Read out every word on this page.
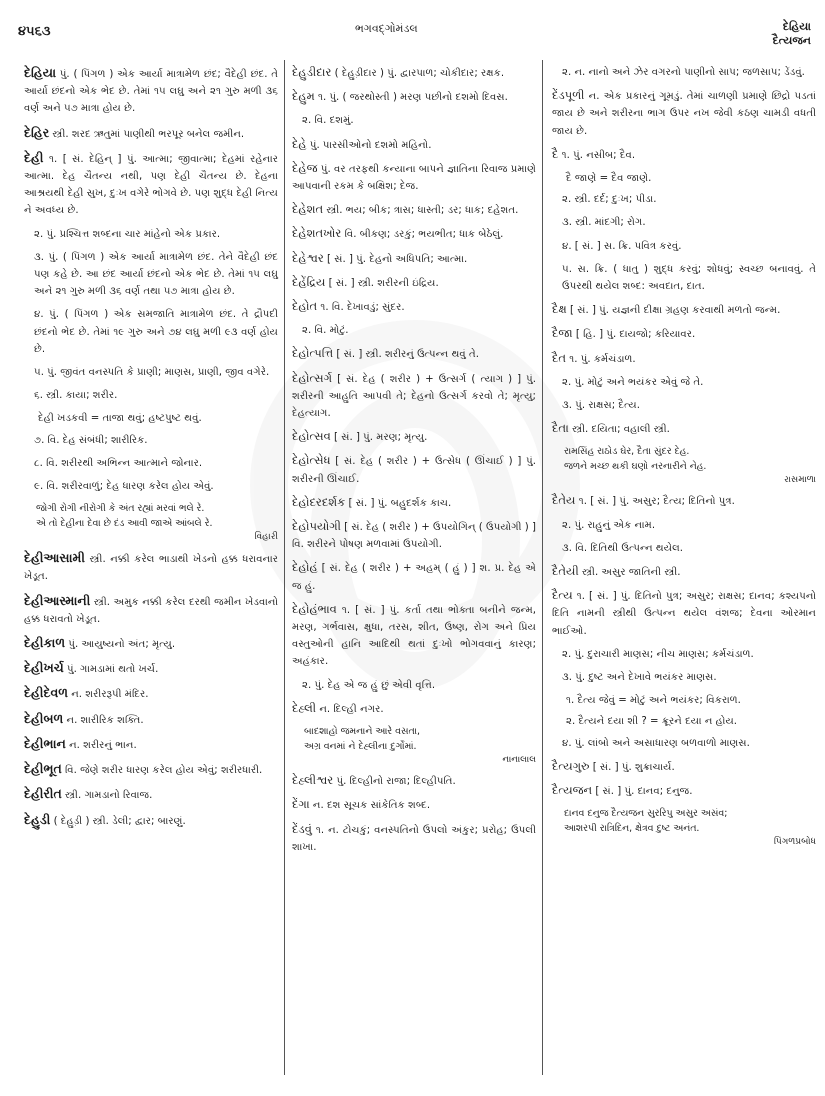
૪૫૬૩	ભગવદ્ગોમંડલ	દેહિયા
દૈત્યજન
દેહિયા પું. ( પિંગળ ) એક આર્યા માત્રામેળ છંદ; વૈદેહી છંદ. તે આર્યા છંદનો એક ભેદ છે. તેમાં ૧૫ લઘુ અને ૨૧ ગુરુ મળી ૩૬ વર્ણ અને ૫૭ માત્રા હોય છે.
દેહિર સ્ત્રી. શરદ ઋતુમાં પાણીથી ભરપૂર બનેલ જમીન.
દેહી ૧. [ સં. દેહિન્ ] પું. આત્મા; જીવાત્મા; દેહમાં રહેનાર આત્મા. દેહ ચૈતન્ય નથી, પણ દેહી ચૈતન્ય છે. દેહના આશ્રયથી દેહી સુખ, દુઃખ વગેરે ભોગવે છે. પણ શુદ્ધ દેહી નિત્ય ને અવધ્ય છે.
૨. પું. પ્રશ્ચિત્ત શબ્દના ચાર માંહેનો એક પ્રકાર.
૩. પું. ( પિંગળ ) એક આર્યા માત્રામેળ છંદ. તેને વૈદેહી છંદ પણ કહે છે. આ છંદ આર્યા છંદનો એક ભેદ છે. તેમાં ૧૫ લઘુ અને ૨૧ ગુરુ મળી ૩૬ વર્ણ તથા ૫૭ માત્રા હોય છે.
૪. પું. ( પિંગળ ) એક સમજાતિ માત્રામેળ છંદ. તે દ્રૌપદી છંદનો ભેદ છે. તેમાં ૧૯ ગુરુ અને ૭૪ લઘુ મળી ૯૩ વર્ણ હોય છે.
૫. પું. જીવંત વનસ્પતિ કે પ્રાણી; માણસ, પ્રાણી, જીવ વગેરે.
૬. સ્ત્રી. કાયા; શરીર.
દેહી ખડકવી = તાજા થવું; હષ્ટપુષ્ટ થવું.
૭. વિ. દેહ સંબંધી; શારીરિક.
૮. વિ. શરીરથી અભિન્ન આત્માને જોનાર.
૯. વિ. શરીરવાળું; દેહ ધારણ કરેલ હોય એવું.
જોગી રોગી નીરોગી કે અંત રહ્યાં મરવાં ભલે રે.
એ તો દેહીના દેવા છે દંડ આવી જાએ આંબલે રે.
વિહારી
દેહીઆસામી સ્ત્રી. નક્કી કરેલ ભાડાથી ખેડનો હક્ક ધરાવનાર ખેડૂત.
દેહીઆસ્માની સ્ત્રી. અમુક નક્કી કરેલ દરથી જમીન ખેડવાનો હક્ક ધરાવતો ખેડૂત.
દેહીકાળ પું. આયુષ્યનો અંત; મૃત્યુ.
દેહીખર્ચ પું. ગામડામાં થતો ખર્ચ.
દેહીદેવળ ન. શરીરરૂપી મંદિર.
દેહીબળ ન. શારીરિક શક્તિ.
દેહીભાન ન. શરીરનું ભાન.
દેહીભૂત વિ. જેણે શરીર ધારણ કરેલ હોય એવું; શરીરધારી.
દેહીરીત સ્ત્રી. ગામડાનો રિવાજ.
દેહુડી ( દેહુડ઼ી ) સ્ત્રી. ડેલી; દ્વાર; બારણું.
દેહુડીદાર ( દેહુડ઼ીદાર ) પું. દ્વારપાળ; ચોકીદાર; રક્ષક.
દેહુમ ૧. પું. ( જરથોસ્તી ) મરણ પછીનો દશમો દિવસ.
૨. વિ. દશમું.
દેહે પું. પારસીઓનો દશમો મહિનો.
દેહેજ પું. વર તરફથી કન્યાના બાપને જ્ઞાતિના રિવાજ પ્રમાણે આપવાની રકમ કે બક્ષિશ; દેજ.
દેહેશત સ્ત્રી. ભય; બીક; ત્રાસ; ધાસ્તી; ડર; ધાક; દહેશત.
દેહેશતખોર વિ. બીકણ; ડરકું; ભયભીત; ધાક બેઠેલું.
દેહેશ્વર [ સં. ] પું. દેહનો અધિપતિ; આત્મા.
દેહેંદ્રિય [ સં. ] સ્ત્રી. શરીરની ઇંદ્રિય.
દેહોત ૧. વિ. દેખાવડું; સુંદર.
૨. વિ. મોટું.
દેહોત્પત્તિ [ સં. ] સ્ત્રી. શરીરનું ઉત્પન્ન થવું તે.
દેહોત્સર્ગ [ સં. દેહ ( શરીર ) + ઉત્સર્ગ ( ત્યાગ ) ] પું. શરીરની આહુતિ આપવી તે; દેહનો ઉત્સર્ગ કરવો તે; મૃત્યુ; દેહત્યાગ.
દેહોત્સવ [ સં. ] પું. મરણ; મૃત્યુ.
દેહોત્સેધ [ સં. દેહ ( શરીર ) + ઉત્સેધ ( ઊંચાઈ ) ] પું. શરીરની ઊંચાઈ.
દેહોદરદર્શક [ સં. ] પું. બહુદર્શક કાચ.
દેહોપયોગી [ સં. દેહ ( શરીર ) + ઉપયોગિન્ ( ઉપયોગી ) ] વિ. શરીરને પોષણ મળવામાં ઉપયોગી.
દેહોહં [ સં. દેહ ( શરીર ) + અહમ્ ( હું ) ] શ. પ્ર. દેહ એ જ હું.
દેહોહંભાવ ૧. [ સં. ] પું. કર્તા તથા ભોક્તા બનીને જન્મ, મરણ, ગર્ભવાસ, ક્ષુધા, તરસ, શીત, ઉષ્ણ, રોગ અને પ્રિય વસ્તુઓની હાનિ આદિથી થતાં દુઃખો ભોગવવાનું કારણ; અહંકાર.
૨. પું. દેહ એ જ હું છું એવી વૃત્તિ.
દેહ્લી ન. દિલ્હી નગર.
બાદશાહો જમનાને આરે વસતા,
અગ્ર વનમાં ને દેહ્લીના દુર્ગોમાં.
નાનાલાલ
દેહ્લીશ્વર પું. દિલ્હીનો રાજા; દિલ્હીપતિ.
દેંગા ન. દશ સૂચક સાંકેતિક શબ્દ.
દેંડવું ૧. ન. ટોચકું; વનસ્પતિનો ઉપલો અંકુર; પ્રરોહ; ઉપલી શાખા.
૨. ન. નાનો અને ઝેર વગરનો પાણીનો સાપ; જળસાપ; ડેંડવું.
દેંડપૂળી ન. એક પ્રકારનું ગૂમડું. તેમાં ચાળણી પ્રમાણે છિદ્રો પડતાં જાય છે અને શરીરના ભાગ ઉપર નખ જેવી કઠણ ચામડી વધતી જાય છે.
દૈ ૧. પું. નસીબ; દૈવ.
દૈ જાણે = દૈવ જાણે.
૨. સ્ત્રી. દર્દ; દુઃખ; પીડા.
૩. સ્ત્રી. માંદગી; રોગ.
૪. [ સં. ] સ. ક્રિ. પવિત્ર કરવું.
૫. સ. ક્રિ. ( ધાતુ ) શુદ્ધ કરવું; શોધવું; સ્વચ્છ બનાવવું. તે ઉપરથી થયેલ શબ્દ: અવદાત, દાત.
દૈક્ષ [ સં. ] પું. યજ્ઞની દીક્ષા ગ્રહણ કરવાથી મળતો જન્મ.
દૈજા [ હિ. ] પું. દાયજો; કરિયાવર.
દૈત ૧. પું. કર્મચંડાળ.
૨. પું. મોટું અને ભયંકર એવું જે તે.
૩. પું. રાક્ષસ; દૈત્ય.
દૈતા સ્ત્રી. દયિતા; વહાલી સ્ત્રી.
રામસિંહ રાઠોડ ઘેર, દૈતા સુંદર દેહ.
જળને મચ્છ થકી ઘણો નરનારીને નેહ.
રાસમાળા
દૈતેય ૧. [ સં. ] પું. અસુર; દૈત્ય; દિતિનો પુત્ર.
૨. પું. રાહુનું એક નામ.
૩. વિ. દિતિથી ઉત્પન્ન થયેલ.
દૈતેયી સ્ત્રી. અસુર જાતિની સ્ત્રી.
દૈત્ય ૧. [ સં. ] પું. દિતિનો પુત્ર; અસુર; રાક્ષસ; દાનવ; કશ્યપનો દિતિ નામની સ્ત્રીથી ઉત્પન્ન થયેલ વંશજ; દેવના ઓરમાન ભાઈઓ.
૨. પું. દુરાચારી માણસ; નીચ માણસ; કર્મચંડાળ.
૩. પું. દુષ્ટ અને દેખાવે ભયંકર માણસ.
૧. દૈત્ય જેવું = મોટું અને ભયંકર; વિકરાળ.
૨. દૈત્યને દયા શી ? = ક્રૂરને દયા ન હોય.
૪. પું. લાંબો અને અસાધારણ બળવાળો માણસ.
દૈત્યગુરુ [ સં. ] પું. શુક્રાચાર્ય.
દૈત્યજન [ સં. ] પું. દાનવ; દનુજ.
દાનવ દનુજ દૈત્યજન સુરરિપુ અસુર અસંવ;
આશરપી રાત્રિદિન, ક્ષેત્રવ દુષ્ટ અનંત.
પિંગળપ્રબોધ
